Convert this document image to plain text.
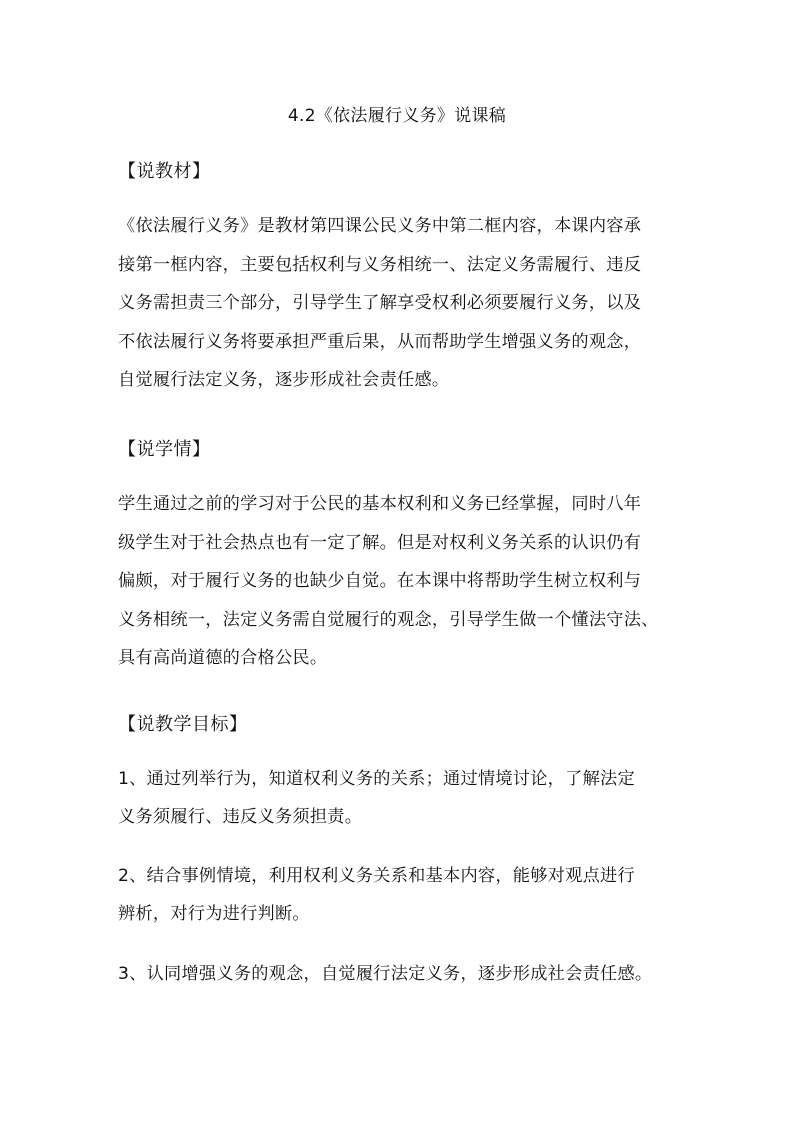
4.2《依法履行义务》说课稿
【说教材】

《依法履行义务》是教材第四课公民义务中第二框内容，本课内容承
接第一框内容，主要包括权利与义务相统一、法定义务需履行、违反
义务需担责三个部分，引导学生了解享受权利必须要履行义务，以及
不依法履行义务将要承担严重后果，从而帮助学生增强义务的观念，
自觉履行法定义务，逐步形成社会责任感。

【说学情】

学生通过之前的学习对于公民的基本权利和义务已经掌握，同时八年
级学生对于社会热点也有一定了解。但是对权利义务关系的认识仍有
偏颇，对于履行义务的也缺少自觉。在本课中将帮助学生树立权利与
义务相统一，法定义务需自觉履行的观念，引导学生做一个懂法守法、
具有高尚道德的合格公民。

【说教学目标】

1、通过列举行为，知道权利义务的关系；通过情境讨论，了解法定
义务须履行、违反义务须担责。

2、结合事例情境，利用权利义务关系和基本内容，能够对观点进行
辨析，对行为进行判断。

3、认同增强义务的观念，自觉履行法定义务，逐步形成社会责任感。
